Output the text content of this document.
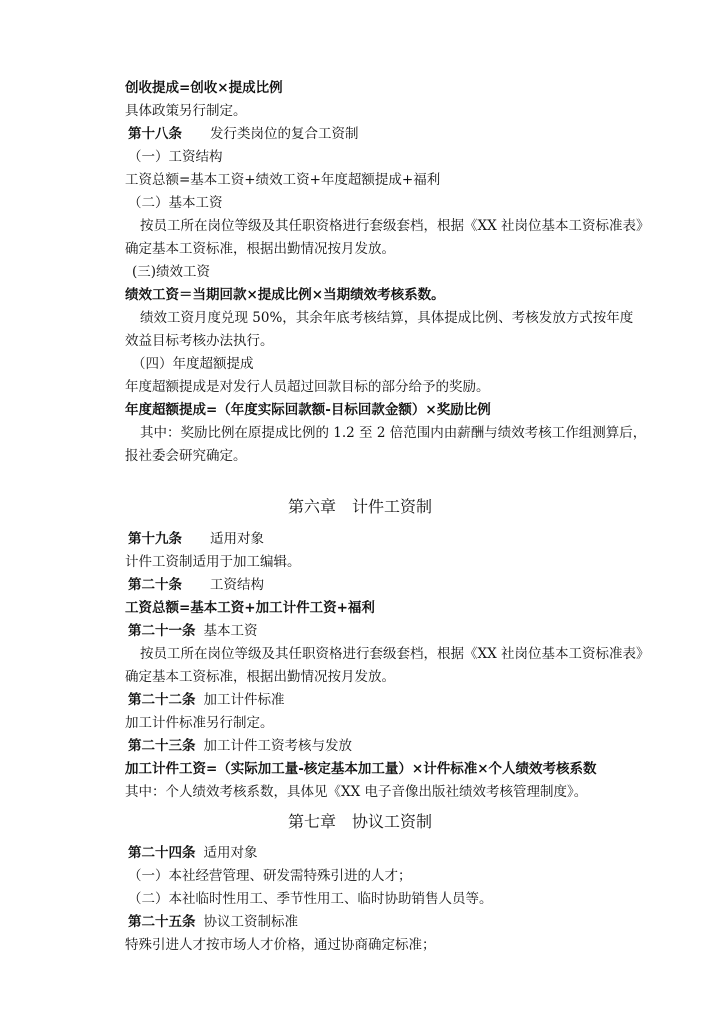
创收提成=创收×提成比例
具体政策另行制定。
第十八条 发行类岗位的复合工资制
（一）工资结构
工资总额=基本工资+绩效工资+年度超额提成+福利
（二）基本工资
按员工所在岗位等级及其任职资格进行套级套档，根据《XX 社岗位基本工资标准表》
确定基本工资标准，根据出勤情况按月发放。
(三)绩效工资
绩效工资＝当期回款×提成比例×当期绩效考核系数。
绩效工资月度兑现 50%，其余年底考核结算，具体提成比例、考核发放方式按年度
效益目标考核办法执行。
（四）年度超额提成
年度超额提成是对发行人员超过回款目标的部分给予的奖励。
年度超额提成=（年度实际回款额-目标回款金额）×奖励比例
其中：奖励比例在原提成比例的 1.2 至 2 倍范围内由薪酬与绩效考核工作组测算后，
报社委会研究确定。
第六章 计件工资制
第十九条 适用对象
计件工资制适用于加工编辑。
第二十条 工资结构
工资总额=基本工资+加工计件工资+福利
第二十一条 基本工资
按员工所在岗位等级及其任职资格进行套级套档，根据《XX 社岗位基本工资标准表》
确定基本工资标准，根据出勤情况按月发放。
第二十二条 加工计件标准
加工计件标准另行制定。
第二十三条 加工计件工资考核与发放
加工计件工资=（实际加工量-核定基本加工量）×计件标准×个人绩效考核系数
其中：个人绩效考核系数，具体见《XX 电子音像出版社绩效考核管理制度》。
第七章 协议工资制
第二十四条 适用对象
（一）本社经营管理、研发需特殊引进的人才；
（二）本社临时性用工、季节性用工、临时协助销售人员等。
第二十五条 协议工资制标准
特殊引进人才按市场人才价格，通过协商确定标准；
